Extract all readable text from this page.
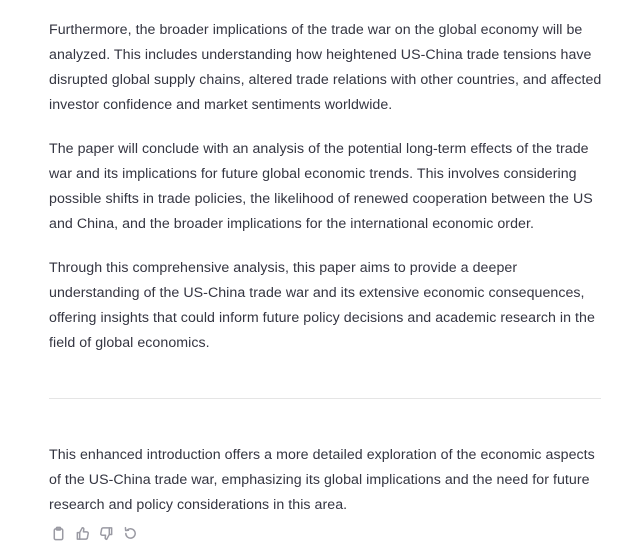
Furthermore, the broader implications of the trade war on the global economy will be analyzed. This includes understanding how heightened US-China trade tensions have disrupted global supply chains, altered trade relations with other countries, and affected investor confidence and market sentiments worldwide.

The paper will conclude with an analysis of the potential long-term effects of the trade war and its implications for future global economic trends. This involves considering possible shifts in trade policies, the likelihood of renewed cooperation between the US and China, and the broader implications for the international economic order.

Through this comprehensive analysis, this paper aims to provide a deeper understanding of the US-China trade war and its extensive economic consequences, offering insights that could inform future policy decisions and academic research in the field of global economics.

This enhanced introduction offers a more detailed exploration of the economic aspects of the US-China trade war, emphasizing its global implications and the need for future research and policy considerations in this area.
